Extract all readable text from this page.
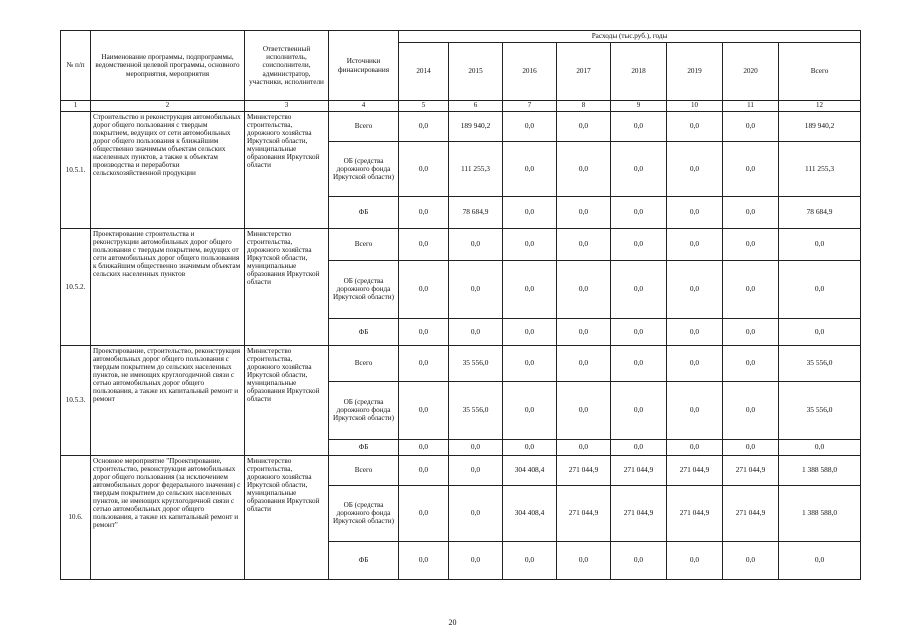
№ п/п	Наименование программы, подпрограммы, ведомственной целевой программы, основного мероприятия, мероприятия	Ответственный исполнитель, соисполнители, администратор, участники, исполнители	Источники финансирования	Расходы (тыс.руб.), годы							
				2014	2015	2016	2017	2018	2019	2020	Всего
1	2	3	4	5	6	7	8	9	10	11	12
10.5.1.	Строительство и реконструкция автомобильных дорог общего пользования с твердым покрытием, ведущих от сети автомобильных дорог общего пользования к ближайшим общественно значимым объектам сельских населенных пунктов, а также к объектам производства и переработки сельскохозяйственной продукции	Министерство строительства, дорожного хозяйства Иркутской области, муниципальные образования Иркутской области	Всего	0,0	189 940,2	0,0	0,0	0,0	0,0	0,0	189 940,2
			ОБ (средства дорожного фонда Иркутской области)	0,0	111 255,3	0,0	0,0	0,0	0,0	0,0	111 255,3
			ФБ	0,0	78 684,9	0,0	0,0	0,0	0,0	0,0	78 684,9
10.5.2.	Проектирование строительства и реконструкции автомобильных дорог общего пользования с твердым покрытием, ведущих от сети автомобильных дорог общего пользования к ближайшим общественно значимым объектам сельских населенных пунктов	Министерство строительства, дорожного хозяйства Иркутской области, муниципальные образования Иркутской области	Всего	0,0	0,0	0,0	0,0	0,0	0,0	0,0	0,0
			ОБ (средства дорожного фонда Иркутской области)	0,0	0,0	0,0	0,0	0,0	0,0	0,0	0,0
			ФБ	0,0	0,0	0,0	0,0	0,0	0,0	0,0	0,0
10.5.3.	Проектирование, строительство, реконструкция автомобильных дорог общего пользования с твердым покрытием до сельских населенных пунктов, не имеющих круглогодичной связи с сетью автомобильных дорог общего пользования, а также их капитальный ремонт и ремонт	Министерство строительства, дорожного хозяйства Иркутской области, муниципальные образования Иркутской области	Всего	0,0	35 556,0	0,0	0,0	0,0	0,0	0,0	35 556,0
			ОБ (средства дорожного фонда Иркутской области)	0,0	35 556,0	0,0	0,0	0,0	0,0	0,0	35 556,0
			ФБ	0,0	0,0	0,0	0,0	0,0	0,0	0,0	0,0
10.6.	Основное мероприятие "Проектирование, строительство, реконструкция автомобильных дорог общего пользования (за исключением автомобильных дорог федерального значения) с твердым покрытием до сельских населенных пунктов, не имеющих круглогодичной связи с сетью автомобильных дорог общего пользования, а также их капитальный ремонт и ремонт"	Министерство строительства, дорожного хозяйства Иркутской области, муниципальные образования Иркутской области	Всего	0,0	0,0	304 408,4	271 044,9	271 044,9	271 044,9	271 044,9	1 388 588,0
			ОБ (средства дорожного фонда Иркутской области)	0,0	0,0	304 408,4	271 044,9	271 044,9	271 044,9	271 044,9	1 388 588,0
			ФБ	0,0	0,0	0,0	0,0	0,0	0,0	0,0	0,0
20
